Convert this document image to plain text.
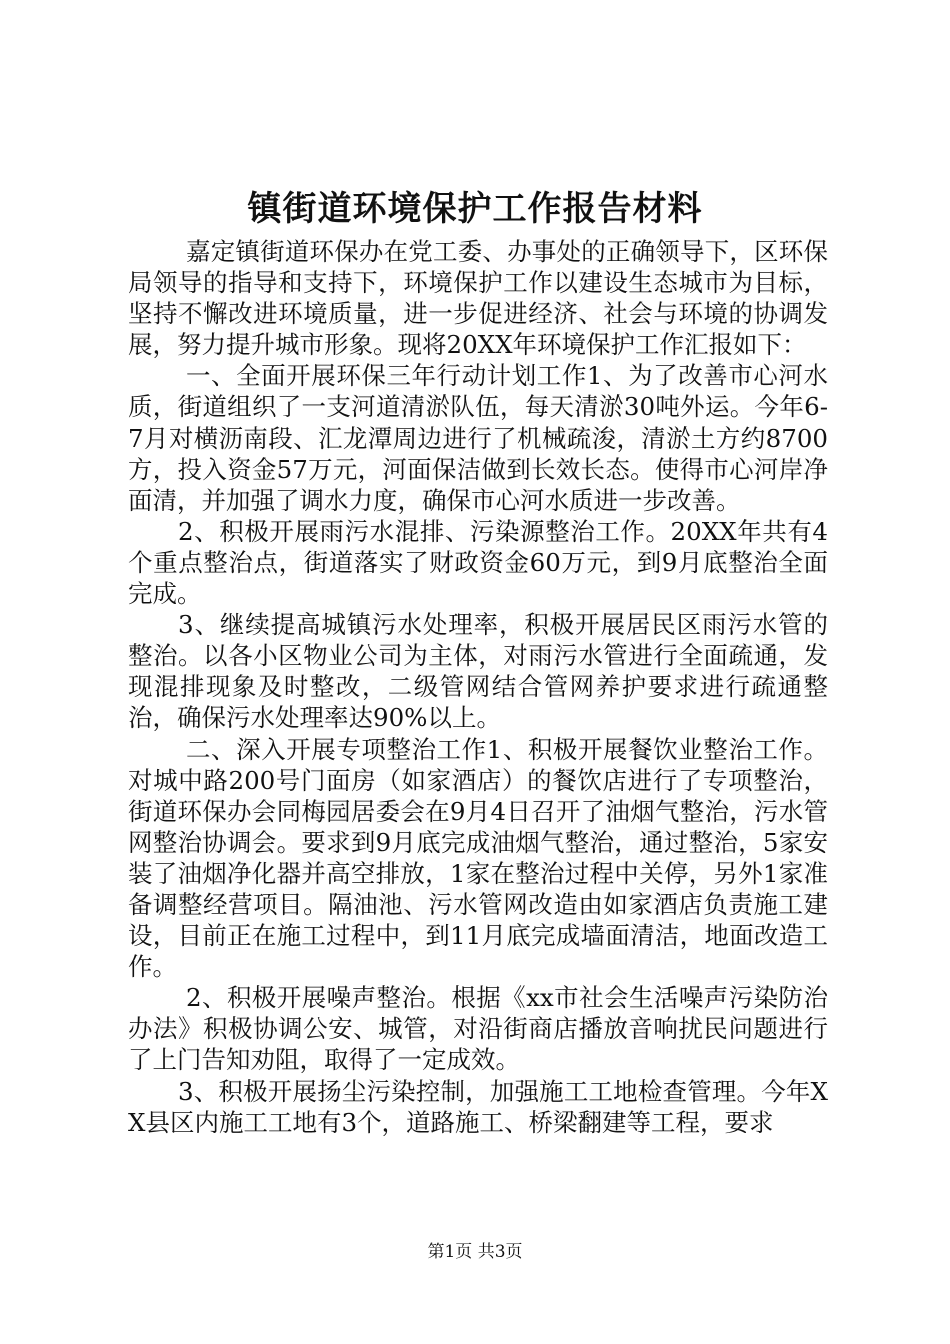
镇街道环境保护工作报告材料

嘉定镇街道环保办在党工委、办事处的正确领导下，区环保局领导的指导和支持下，环境保护工作以建设生态城市为目标，坚持不懈改进环境质量，进一步促进经济、社会与环境的协调发展，努力提升城市形象。现将20XX年环境保护工作汇报如下：

一、全面开展环保三年行动计划工作1、为了改善市心河水质，街道组织了一支河道清淤队伍，每天清淤30吨外运。今年6-7月对横沥南段、汇龙潭周边进行了机械疏浚，清淤土方约8700方，投入资金57万元，河面保洁做到长效长态。使得市心河岸净面清，并加强了调水力度，确保市心河水质进一步改善。

2、积极开展雨污水混排、污染源整治工作。20XX年共有4个重点整治点，街道落实了财政资金60万元，到9月底整治全面完成。

3、继续提高城镇污水处理率，积极开展居民区雨污水管的整治。以各小区物业公司为主体，对雨污水管进行全面疏通，发现混排现象及时整改，二级管网结合管网养护要求进行疏通整治，确保污水处理率达90%以上。

二、深入开展专项整治工作1、积极开展餐饮业整治工作。对城中路200号门面房（如家酒店）的餐饮店进行了专项整治，街道环保办会同梅园居委会在9月4日召开了油烟气整治，污水管网整治协调会。要求到9月底完成油烟气整治，通过整治，5家安装了油烟净化器并高空排放，1家在整治过程中关停，另外1家准备调整经营项目。隔油池、污水管网改造由如家酒店负责施工建设，目前正在施工过程中，到11月底完成墙面清洁，地面改造工作。

2、积极开展噪声整治。根据《xx市社会生活噪声污染防治办法》积极协调公安、城管，对沿街商店播放音响扰民问题进行了上门告知劝阻，取得了一定成效。

3、积极开展扬尘污染控制，加强施工工地检查管理。今年XX县区内施工工地有3个，道路施工、桥梁翻建等工程，要求

第1页 共3页
